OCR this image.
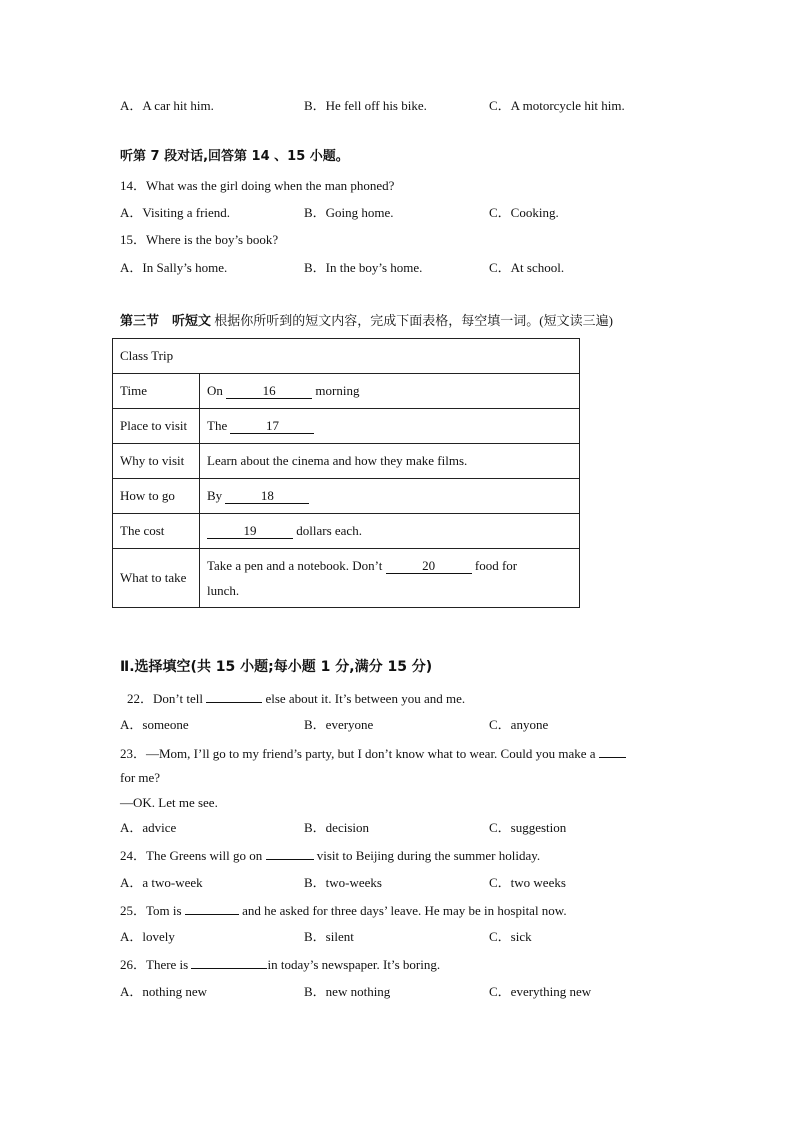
A．A car hit him.	B．He fell off his bike.	C．A motorcycle hit him.
听第 7 段对话,回答第 14 、15 小题。
14．What was the girl doing when the man phoned?
A．Visiting a friend.	B．Going home.	C．Cooking.
15．Where is the boy’s book?
A．In Sally’s home.	B．In the boy’s home.	C．At school.
第三节　听短文 根据你所听到的短文内容，完成下面表格，每空填一词。(短文读三遍)
Class Trip	
Time	On 16 morning
Place to visit	The 17
Why to visit	Learn about the cinema and how they make films.
How to go	By 18
The cost	19 dollars each.
What to take	Take a pen and a notebook. Don’t 20 food for
lunch.
Ⅱ.选择填空(共 15 小题;每小题 1 分,满分 15 分)
22．Don’t tell	else about it. It’s between you and me.
A．someone	B．everyone	C．anyone
23．—Mom, I’ll go to my friend’s party, but I don’t know what to wear. Could you make a
for me?
—OK. Let me see.
A．advice	B．decision	C．suggestion
24．The Greens will go on	visit to Beijing during the summer holiday.
A．a two-week	B．two-weeks	C．two weeks
25．Tom is	and he asked for three days’ leave. He may be in hospital now.
A．lovely	B．silent	C．sick
26．There is	in today’s newspaper. It’s boring.
A．nothing new	B．new nothing	C．everything new
